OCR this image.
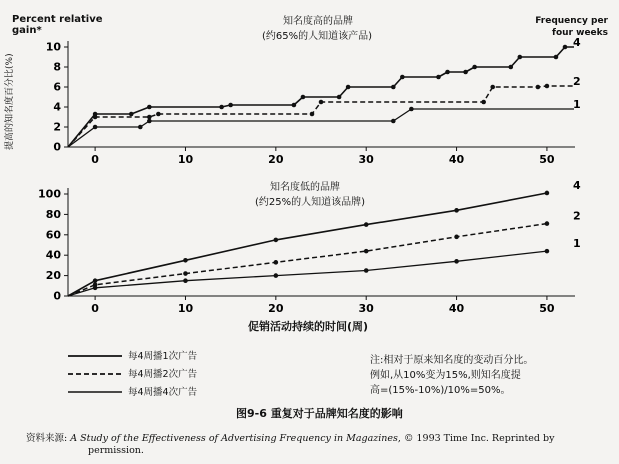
0
2
4
6
8
10
0	10	20	30	40	50
4
2
1
0
20
40
60
80
100
0	10	20	30	40	50
4
2
1
Percent relative gain*
知名度高的品牌
(约65%的人知道该产品)
Frequency per four weeks
提高的知名度百分比(%)
知名度低的品牌
(约25%的人知道该品牌)
促销活动持续的时间(周)
每4周播1次广告
每4周播2次广告
每4周播4次广告
注:相对于原来知名度的变动百分比。
例如,从10%变为15%,则知名度提
高=(15%-10%)/10%=50%。
图9-6 重复对于品牌知名度的影响
资料来源: A Study of the Effectiveness of Advertising Frequency in Magazines, © 1993 Time Inc. Reprinted by
permission.
